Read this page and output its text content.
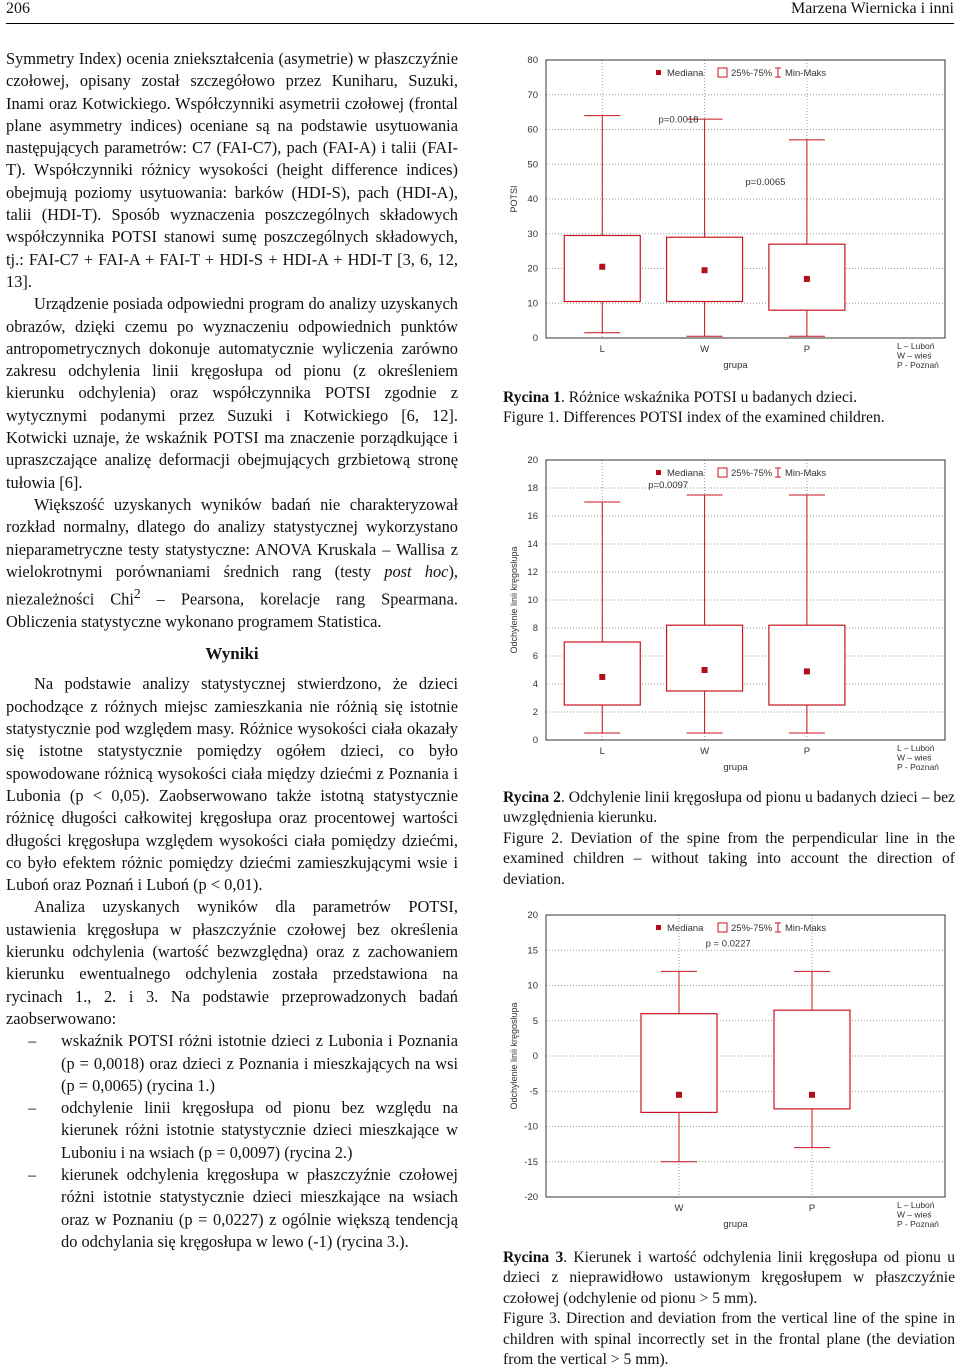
206	Marzena Wiernicka i inni

Symmetry Index) ocenia zniekształcenia (asymetrie) w płaszczyźnie czołowej, opisany został szczegółowo przez Kuniharu, Suzuki, Inami oraz Kotwickiego. Współczynniki asymetrii czołowej (frontal plane asymmetry indices) oceniane są na podstawie usytuowania następujących parametrów: C7 (FAI-C7), pach (FAI-A) i talii (FAI-T). Współczynniki różnicy wysokości (height difference indices) obejmują poziomy usytuowania: barków (HDI-S), pach (HDI-A), talii (HDI-T). Sposób wyznaczenia poszczególnych składowych współczynnika POTSI stanowi sumę poszczególnych składowych, tj.: FAI-C7 + FAI-A + FAI-T + HDI-S + HDI-A + HDI-T [3, 6, 12, 13].

Urządzenie posiada odpowiedni program do analizy uzyskanych obrazów, dzięki czemu po wyznaczeniu odpowiednich punktów antropometrycznych dokonuje automatycznie wyliczenia zarówno zakresu odchylenia linii kręgosłupa od pionu (z określeniem kierunku odchylenia) oraz współczynnika POTSI zgodnie z wytycznymi podanymi przez Suzuki i Kotwickiego [6, 12]. Kotwicki uznaje, że wskaźnik POTSI ma znaczenie porządkujące i upraszczające analizę deformacji obejmujących grzbietową stronę tułowia [6].

Większość uzyskanych wyników badań nie charakteryzował rozkład normalny, dlatego do analizy statystycznej wykorzystano nieparametryczne testy statystyczne: ANOVA Kruskala – Wallisa z wielokrotnymi porównaniami średnich rang (testy post hoc), niezależności Chi$^2$ – Pearsona, korelacje rang Spearmana. Obliczenia statystyczne wykonano programem Statistica.

Wyniki

Na podstawie analizy statystycznej stwierdzono, że dzieci pochodzące z różnych miejsc zamieszkania nie różnią się istotnie statystycznie pod względem masy. Różnice wysokości ciała okazały się istotne statystycznie pomiędzy ogółem dzieci, co było spowodowane różnicą wysokości ciała między dziećmi z Poznania i Lubonia (p < 0,05). Zaobserwowano także istotną statystycznie różnicę długości całkowitej kręgosłupa oraz procentowej wartości długości kręgosłupa względem wysokości ciała pomiędzy dziećmi, co było efektem różnic pomiędzy dziećmi zamieszkującymi wsie i Luboń oraz Poznań i Luboń (p < 0,01).

Analiza uzyskanych wyników dla parametrów POTSI, ustawienia kręgosłupa w płaszczyźnie czołowej bez określenia kierunku odchylenia (wartość bezwzględna) oraz z zachowaniem kierunku ewentualnego odchylenia została przedstawiona na rycinach 1., 2. i 3. Na podstawie przeprowadzonych badań zaobserwowano:

– wskaźnik POTSI różni istotnie dzieci z Lubonia i Poznania (p = 0,0018) oraz dzieci z Poznania i mieszkających na wsi (p = 0,0065) (rycina 1.)
– odchylenie linii kręgosłupa od pionu bez względu na kierunek różni istotnie statystycznie dzieci mieszkające w Luboniu i na wsiach (p = 0,0097) (rycina 2.)
– kierunek odchylenia kręgosłupa w płaszczyźnie czołowej różni istotnie statystycznie dzieci mieszkające na wsiach oraz w Poznaniu (p = 0,0227) z ogólnie większą tendencją do odchylania się kręgosłupa w lewo (-1) (rycina 3.).
0
10
20
30
40
50
60
70
80
POTSI
L	W	P
grupa
L – Luboń
W – wieś
P - Poznań
Mediana	25%-75% Min-Maks
p=0.0018
p=0.0065

Rycina 1. Różnice wskaźnika POTSI u badanych dzieci.

Figure 1. Differences POTSI index of the examined children.

0
2
4
6
8
10
12
14
16
18
20
Odchylenie linii kręgosłupa
L	W	P
grupa
L – Luboń
W – wieś
P - Poznań
Mediana	25%-75% Min-Maks
p=0.0097

Rycina 2. Odchylenie linii kręgosłupa od pionu u badanych dzieci – bez uwzględnienia kierunku.

Figure 2. Deviation of the spine from the perpendicular line in the examined children – without taking into account the direction of deviation.

-20
-15
-10
-5
0
5
10
15
20
Odchylenie linii kręgosłupa
W	P
grupa
L – Luboń
W – wieś
P - Poznań
Mediana	25%-75% Min-Maks
p = 0.0227

Rycina 3. Kierunek i wartość odchylenia linii kręgosłupa od pionu u dzieci z nieprawidłowo ustawionym kręgosłupem w płaszczyźnie czołowej (odchylenie od pionu > 5 mm).

Figure 3. Direction and deviation from the vertical line of the spine in children with spinal incorrectly set in the frontal plane (the deviation from the vertical > 5 mm).
